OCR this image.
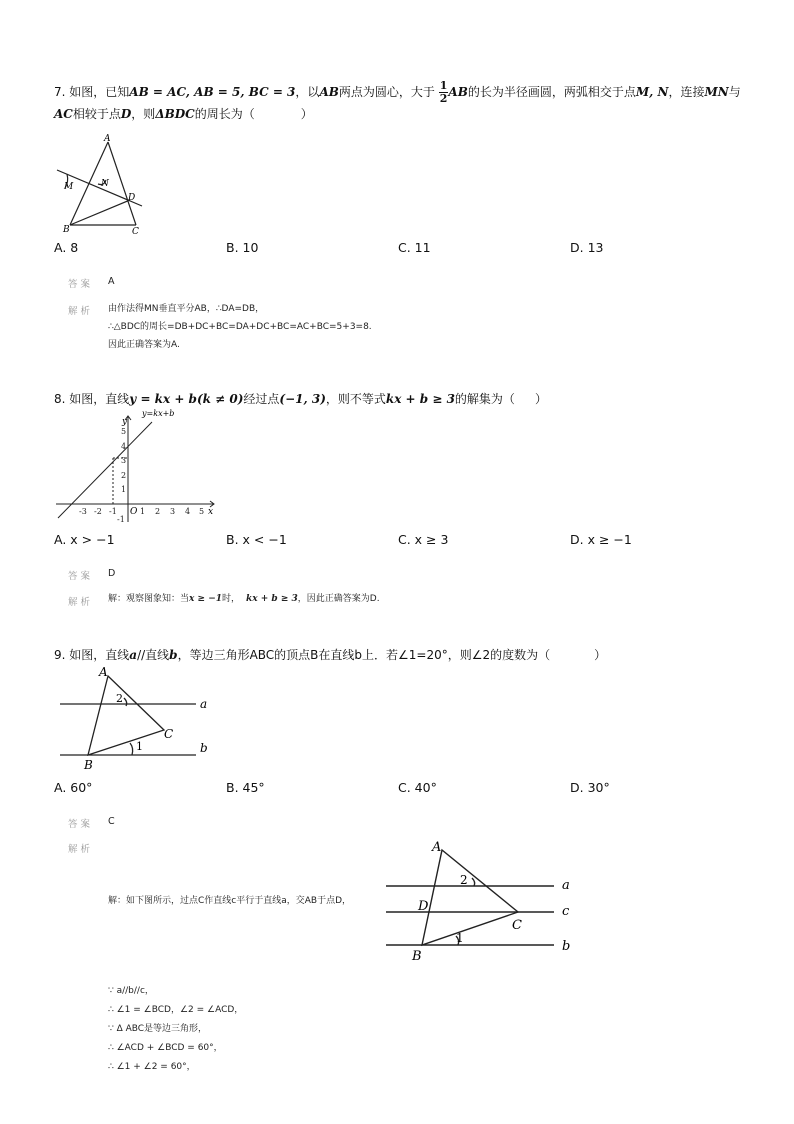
7. 如图，已知AB = AC, AB = 5, BC = 3，以AB两点为圆心，大于 $\frac{1}{2}$ AB的长为半径画圆，两弧相交于点M, N，连接MN与
AC相较于点D，则ΔBDC的周长为（	）
A
M	N
D
B	C
A. 8	B. 10	C. 11	D. 13
答案 A
解析 由作法得MN垂直平分AB，∴DA=DB，
∴△BDC的周长=DB+DC+BC=DA+DC+BC=AC+BC=5+3=8.
因此正确答案为A.
8. 如图，直线y = kx + b(k ≠ 0)经过点(−1, 3)，则不等式kx + b ≥ 3的解集为（ ）
y=kx+b
y
x
O
5
4
3
2
1
-1
-3 -2 -1	1 2 3 4 5
A. x > −1	B. x < −1	C. x ≥ 3	D. x ≥ −1
答案 D
解析 解：观察图象知：当x ≥ −1时， kx + b ≥ 3，因此正确答案为D.
9. 如图，直线a//直线b，等边三角形ABC的顶点B在直线b上．若∠1=20°，则∠2的度数为（	）
A
2	a
C
1	b
B
A. 60°	B. 45°	C. 40°	D. 30°
答案 C
解析
解：如下图所示，过点C作直线c平行于直线a，交AB于点D，
A
2	a
D	c
C
1
b
B
∵ a//b//c，
∴ ∠1 = ∠BCD，∠2 = ∠ACD，
∵ Δ ABC是等边三角形，
∴ ∠ACD + ∠BCD = 60°，
∴ ∠1 + ∠2 = 60°，
